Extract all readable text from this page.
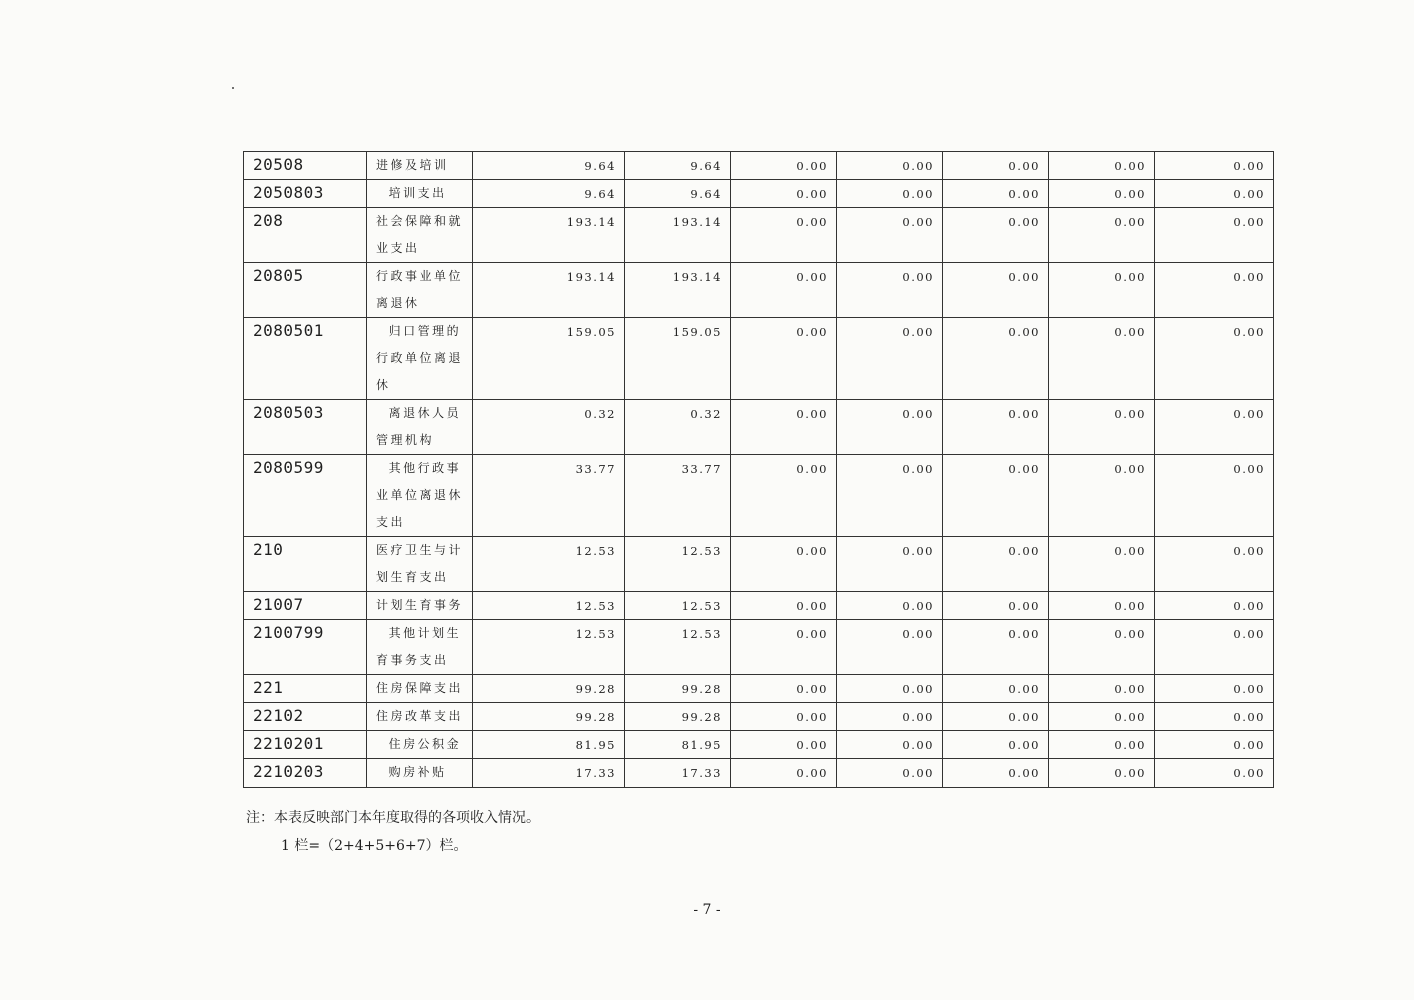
20508	进修及培训	9.64	9.64	0.00	0.00	0.00	0.00	0.00
2050803	培训支出	9.64	9.64	0.00	0.00	0.00	0.00	0.00
208	社会保障和就业支出	193.14	193.14	0.00	0.00	0.00	0.00	0.00
20805	行政事业单位离退休	193.14	193.14	0.00	0.00	0.00	0.00	0.00
2080501	归口管理的行政单位离退休	159.05	159.05	0.00	0.00	0.00	0.00	0.00
2080503	离退休人员管理机构	0.32	0.32	0.00	0.00	0.00	0.00	0.00
2080599	其他行政事业单位离退休支出	33.77	33.77	0.00	0.00	0.00	0.00	0.00
210	医疗卫生与计划生育支出	12.53	12.53	0.00	0.00	0.00	0.00	0.00
21007	计划生育事务	12.53	12.53	0.00	0.00	0.00	0.00	0.00
2100799	其他计划生育事务支出	12.53	12.53	0.00	0.00	0.00	0.00	0.00
221	住房保障支出	99.28	99.28	0.00	0.00	0.00	0.00	0.00
22102	住房改革支出	99.28	99.28	0.00	0.00	0.00	0.00	0.00
2210201	住房公积金	81.95	81.95	0.00	0.00	0.00	0.00	0.00
2210203	购房补贴	17.33	17.33	0.00	0.00	0.00	0.00	0.00
注：本表反映部门本年度取得的各项收入情况。
1 栏=（2+4+5+6+7）栏。
- 7 -
